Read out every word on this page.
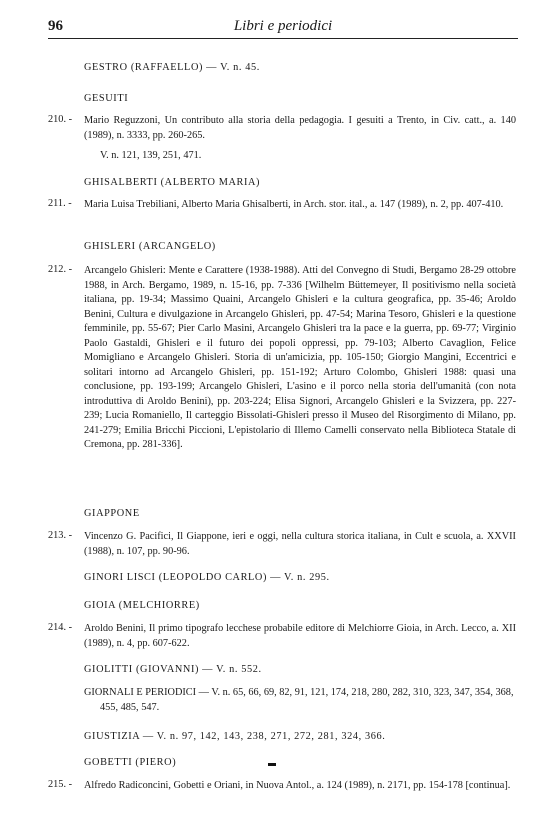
96	Libri e periodici
GESTRO (RAFFAELLO) — V. n. 45.
GESUITI
210. -	Mario Reguzzoni, Un contributo alla storia della pedagogia. I gesuiti a Trento, in Civ. catt., a. 140 (1989), n. 3333, pp. 260-265.
V. n. 121, 139, 251, 471.
GHISALBERTI (ALBERTO MARIA)
211. -	Maria Luisa Trebiliani, Alberto Maria Ghisalberti, in Arch. stor. ital., a. 147 (1989), n. 2, pp. 407-410.
GHISLERI (ARCANGELO)
212. -	Arcangelo Ghisleri: Mente e Carattere (1938-1988). Atti del Convegno di Studi, Bergamo 28-29 ottobre 1988, in Arch. Bergamo, 1989, n. 15-16, pp. 7-336 [Wilhelm Büttemeyer, Il positivismo nella società italiana, pp. 19-34; Massimo Quaini, Arcangelo Ghisleri e la cultura geografica, pp. 35-46; Aroldo Benini, Cultura e divulgazione in Arcangelo Ghisleri, pp. 47-54; Marina Tesoro, Ghisleri e la questione femminile, pp. 55-67; Pier Carlo Masini, Arcangelo Ghisleri tra la pace e la guerra, pp. 69-77; Virginio Paolo Gastaldi, Ghisleri e il futuro dei popoli oppressi, pp. 79-103; Alberto Cavaglion, Felice Momigliano e Arcangelo Ghisleri. Storia di un'amicizia, pp. 105-150; Giorgio Mangini, Eccentrici e solitari intorno ad Arcangelo Ghisleri, pp. 151-192; Arturo Colombo, Ghisleri 1988: quasi una conclusione, pp. 193-199; Arcangelo Ghisleri, L'asino e il porco nella storia dell'umanità (con nota introduttiva di Aroldo Benini), pp. 203-224; Elisa Signori, Arcangelo Ghisleri e la Svizzera, pp. 227-239; Lucia Romaniello, Il carteggio Bissolati-Ghisleri presso il Museo del Risorgimento di Milano, pp. 241-279; Emilia Bricchi Piccioni, L'epistolario di Illemo Camelli conservato nella Biblioteca Statale di Cremona, pp. 281-336].
GIAPPONE
213. -	Vincenzo G. Pacifici, Il Giappone, ieri e oggi, nella cultura storica italiana, in Cult e scuola, a. XXVII (1988), n. 107, pp. 90-96.
GINORI LISCI (LEOPOLDO CARLO) — V. n. 295.
GIOIA (MELCHIORRE)
214. -	Aroldo Benini, Il primo tipografo lecchese probabile editore di Melchiorre Gioia, in Arch. Lecco, a. XII (1989), n. 4, pp. 607-622.
GIOLITTI (GIOVANNI) — V. n. 552.
GIORNALI E PERIODICI — V. n. 65, 66, 69, 82, 91, 121, 174, 218, 280, 282, 310, 323, 347, 354, 368, 455, 485, 547.
GIUSTIZIA — V. n. 97, 142, 143, 238, 271, 272, 281, 324, 366.
GOBETTI (PIERO)
215. -	Alfredo Radiconcini, Gobetti e Oriani, in Nuova Antol., a. 124 (1989), n. 2171, pp. 154-178 [continua].
